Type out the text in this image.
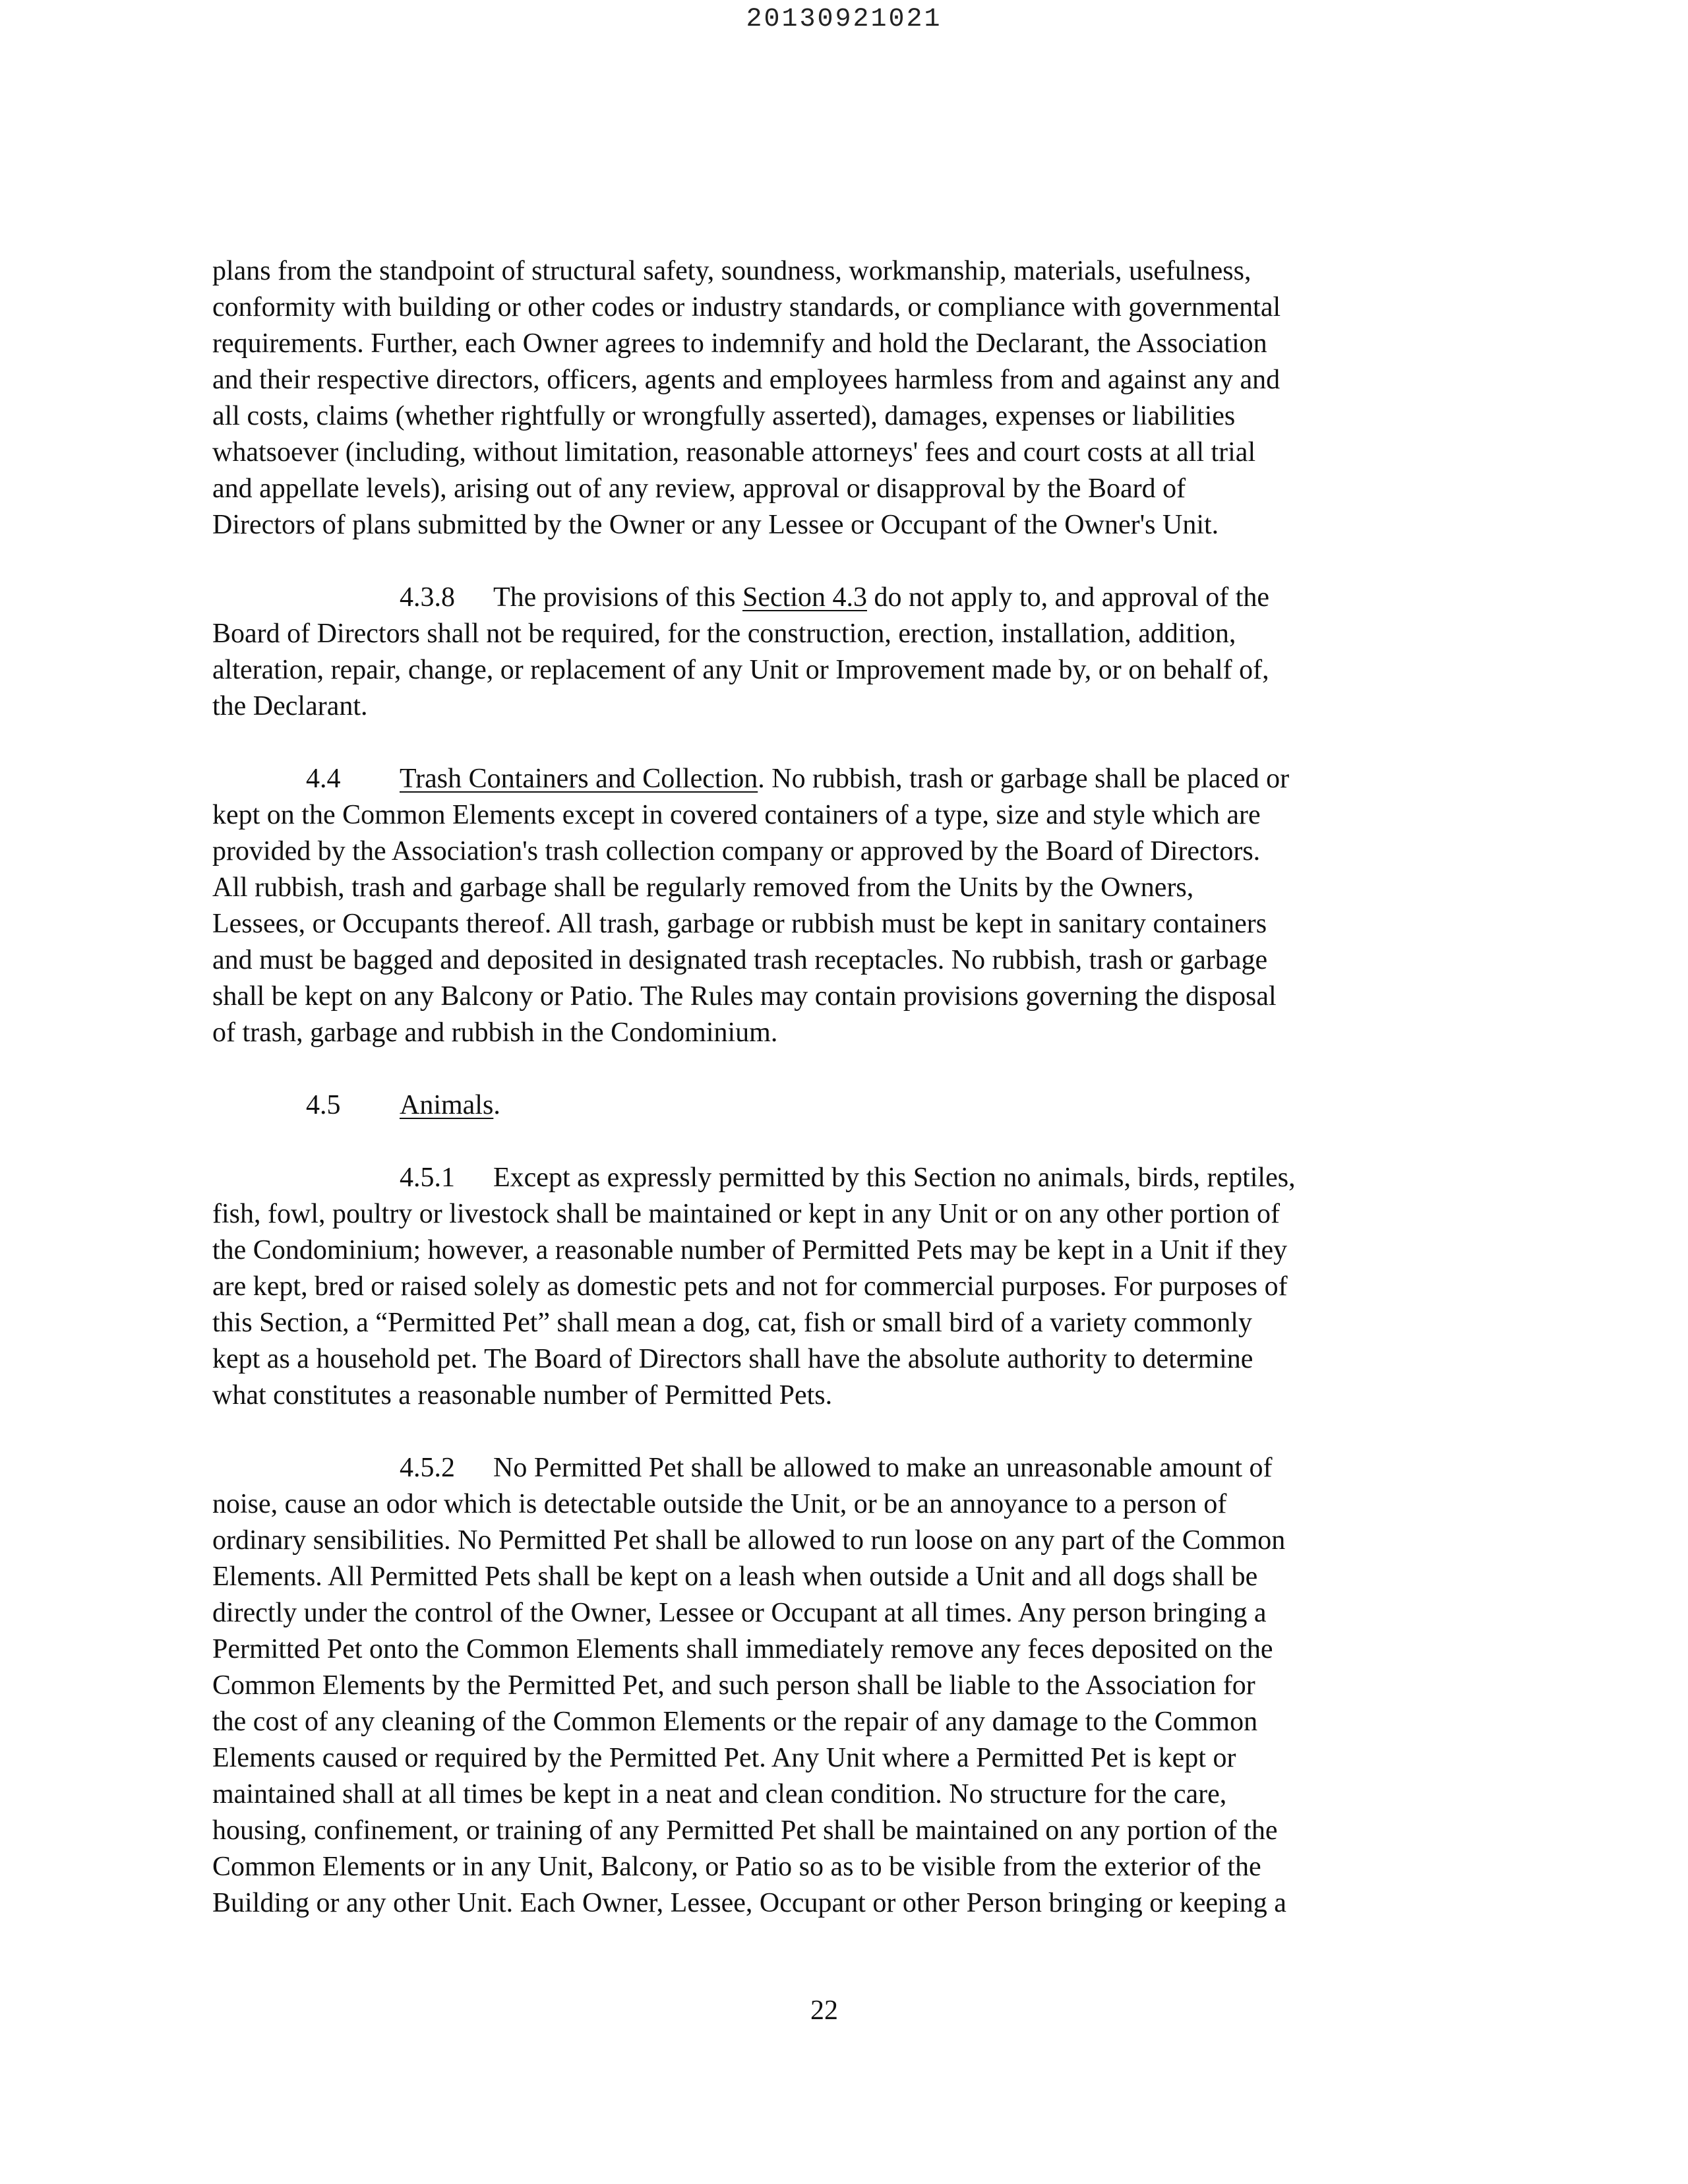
20130921021
plans from the standpoint of structural safety, soundness, workmanship, materials, usefulness,
conformity with building or other codes or industry standards, or compliance with governmental
requirements. Further, each Owner agrees to indemnify and hold the Declarant, the Association
and their respective directors, officers, agents and employees harmless from and against any and
all costs, claims (whether rightfully or wrongfully asserted), damages, expenses or liabilities
whatsoever (including, without limitation, reasonable attorneys' fees and court costs at all trial
and appellate levels), arising out of any review, approval or disapproval by the Board of
Directors of plans submitted by the Owner or any Lessee or Occupant of the Owner's Unit.
4.3.8 The provisions of this Section 4.3 do not apply to, and approval of the
Board of Directors shall not be required, for the construction, erection, installation, addition,
alteration, repair, change, or replacement of any Unit or Improvement made by, or on behalf of,
the Declarant.
4.4 Trash Containers and Collection. No rubbish, trash or garbage shall be placed or
kept on the Common Elements except in covered containers of a type, size and style which are
provided by the Association's trash collection company or approved by the Board of Directors.
All rubbish, trash and garbage shall be regularly removed from the Units by the Owners,
Lessees, or Occupants thereof. All trash, garbage or rubbish must be kept in sanitary containers
and must be bagged and deposited in designated trash receptacles. No rubbish, trash or garbage
shall be kept on any Balcony or Patio. The Rules may contain provisions governing the disposal
of trash, garbage and rubbish in the Condominium.
4.5 Animals.
4.5.1 Except as expressly permitted by this Section no animals, birds, reptiles,
fish, fowl, poultry or livestock shall be maintained or kept in any Unit or on any other portion of
the Condominium; however, a reasonable number of Permitted Pets may be kept in a Unit if they
are kept, bred or raised solely as domestic pets and not for commercial purposes. For purposes of
this Section, a “Permitted Pet” shall mean a dog, cat, fish or small bird of a variety commonly
kept as a household pet. The Board of Directors shall have the absolute authority to determine
what constitutes a reasonable number of Permitted Pets.
4.5.2 No Permitted Pet shall be allowed to make an unreasonable amount of
noise, cause an odor which is detectable outside the Unit, or be an annoyance to a person of
ordinary sensibilities. No Permitted Pet shall be allowed to run loose on any part of the Common
Elements. All Permitted Pets shall be kept on a leash when outside a Unit and all dogs shall be
directly under the control of the Owner, Lessee or Occupant at all times. Any person bringing a
Permitted Pet onto the Common Elements shall immediately remove any feces deposited on the
Common Elements by the Permitted Pet, and such person shall be liable to the Association for
the cost of any cleaning of the Common Elements or the repair of any damage to the Common
Elements caused or required by the Permitted Pet. Any Unit where a Permitted Pet is kept or
maintained shall at all times be kept in a neat and clean condition. No structure for the care,
housing, confinement, or training of any Permitted Pet shall be maintained on any portion of the
Common Elements or in any Unit, Balcony, or Patio so as to be visible from the exterior of the
Building or any other Unit. Each Owner, Lessee, Occupant or other Person bringing or keeping a
22
